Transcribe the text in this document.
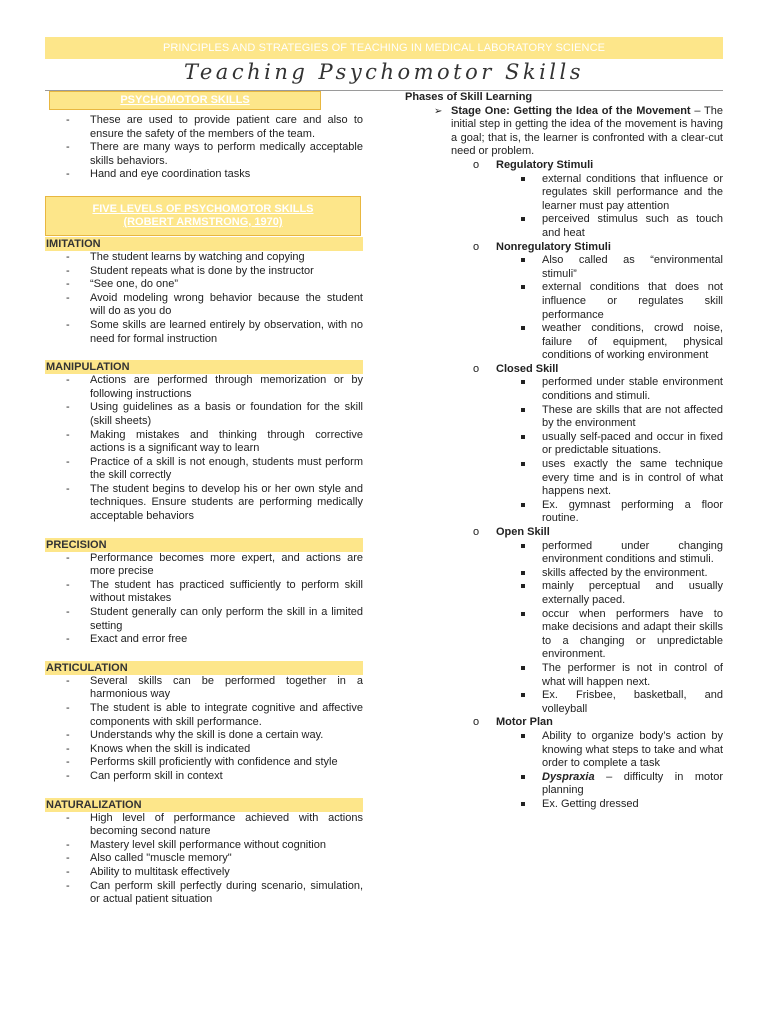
PRINCIPLES AND STRATEGIES OF TEACHING IN MEDICAL LABORATORY SCIENCE
Teaching Psychomotor Skills
PSYCHOMOTOR SKILLS
- These are used to provide patient care and also to ensure the safety of the members of the team.
- There are many ways to perform medically acceptable skills behaviors.
- Hand and eye coordination tasks
FIVE LEVELS OF PSYCHOMOTOR SKILLS
(ROBERT ARMSTRONG, 1970)
IMITATION
- The student learns by watching and copying
- Student repeats what is done by the instructor
- “See one, do one”
- Avoid modeling wrong behavior because the student will do as you do
- Some skills are learned entirely by observation, with no need for formal instruction
MANIPULATION
- Actions are performed through memorization or by following instructions
- Using guidelines as a basis or foundation for the skill (skill sheets)
- Making mistakes and thinking through corrective actions is a significant way to learn
- Practice of a skill is not enough, students must perform the skill correctly
- The student begins to develop his or her own style and techniques. Ensure students are performing medically acceptable behaviors
PRECISION
- Performance becomes more expert, and actions are more precise
- The student has practiced sufficiently to perform skill without mistakes
- Student generally can only perform the skill in a limited setting
- Exact and error free
ARTICULATION
- Several skills can be performed together in a harmonious way
- The student is able to integrate cognitive and affective components with skill performance.
- Understands why the skill is done a certain way.
- Knows when the skill is indicated
- Performs skill proficiently with confidence and style
- Can perform skill in context
NATURALIZATION
- High level of performance achieved with actions becoming second nature
- Mastery level skill performance without cognition
- Also called "muscle memory"
- Ability to multitask effectively
- Can perform skill perfectly during scenario, simulation, or actual patient situation
Phases of Skill Learning
➢ Stage One: Getting the Idea of the Movement – The initial step in getting the idea of the movement is having a goal; that is, the learner is confronted with a clear-cut need or problem.
o Regulatory Stimuli
external conditions that influence or regulates skill performance and the learner must pay attention
perceived stimulus such as touch and heat
o Nonregulatory Stimuli
Also called as “environmental stimuli”
external conditions that does not influence or regulates skill performance
weather conditions, crowd noise, failure of equipment, physical conditions of working environment
o Closed Skill
performed under stable environment conditions and stimuli.
These are skills that are not affected by the environment
usually self-paced and occur in fixed or predictable situations.
uses exactly the same technique every time and is in control of what happens next.
Ex. gymnast performing a floor routine.
o Open Skill
performed under changing environment conditions and stimuli.
skills affected by the environment.
mainly perceptual and usually externally paced.
occur when performers have to make decisions and adapt their skills to a changing or unpredictable environment.
The performer is not in control of what will happen next.
Ex. Frisbee, basketball, and volleyball
o Motor Plan
Ability to organize body’s action by knowing what steps to take and what order to complete a task
Dyspraxia – difficulty in motor planning
Ex. Getting dressed
